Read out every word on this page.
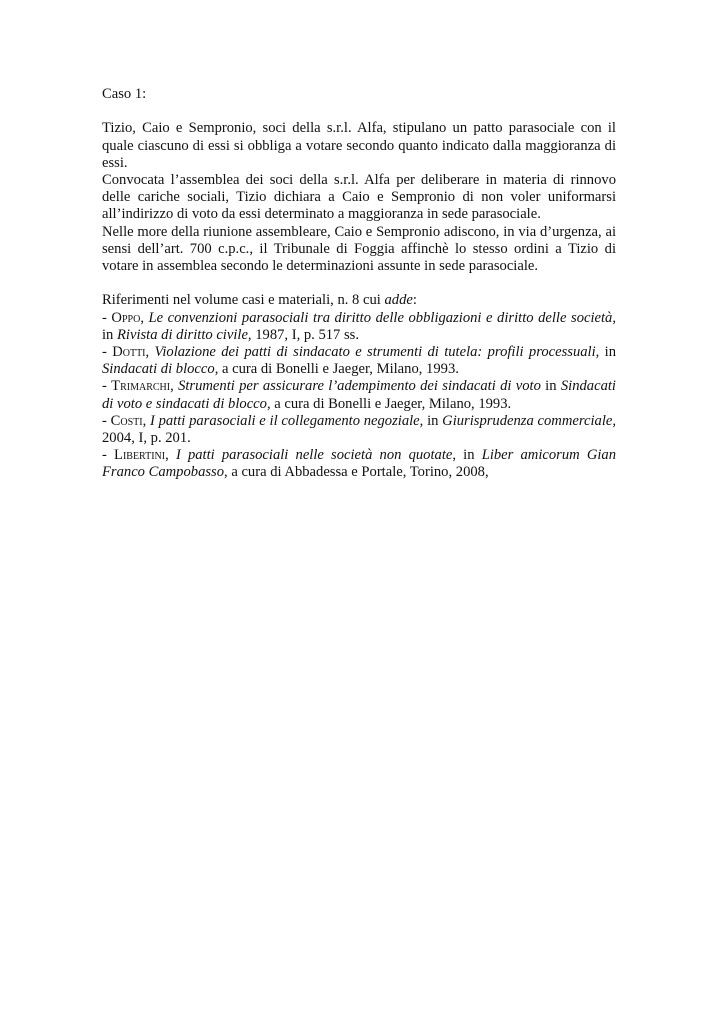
Caso 1:

Tizio, Caio e Sempronio, soci della s.r.l. Alfa, stipulano un patto parasociale con il quale ciascuno di essi si obbliga a votare secondo quanto indicato dalla maggioranza di essi.

Convocata l’assemblea dei soci della s.r.l. Alfa per deliberare in materia di rinnovo delle cariche sociali, Tizio dichiara a Caio e Sempronio di non voler uniformarsi all’indirizzo di voto da essi determinato a maggioranza in sede parasociale.

Nelle more della riunione assembleare, Caio e Sempronio adiscono, in via d’urgenza, ai sensi dell’art. 700 c.p.c., il Tribunale di Foggia affinchè lo stesso ordini a Tizio di votare in assemblea secondo le determinazioni assunte in sede parasociale.

Riferimenti nel volume casi e materiali, n. 8 cui adde:

- Oppo, Le convenzioni parasociali tra diritto delle obbligazioni e diritto delle società, in Rivista di diritto civile, 1987, I, p. 517 ss.

- Dotti, Violazione dei patti di sindacato e strumenti di tutela: profili processuali, in Sindacati di blocco, a cura di Bonelli e Jaeger, Milano, 1993.

- Trimarchi, Strumenti per assicurare l’adempimento dei sindacati di voto in Sindacati di voto e sindacati di blocco, a cura di Bonelli e Jaeger, Milano, 1993.

- Costi, I patti parasociali e il collegamento negoziale, in Giurisprudenza commerciale, 2004, I, p. 201.

- Libertini, I patti parasociali nelle società non quotate, in Liber amicorum Gian Franco Campobasso, a cura di Abbadessa e Portale, Torino, 2008,
